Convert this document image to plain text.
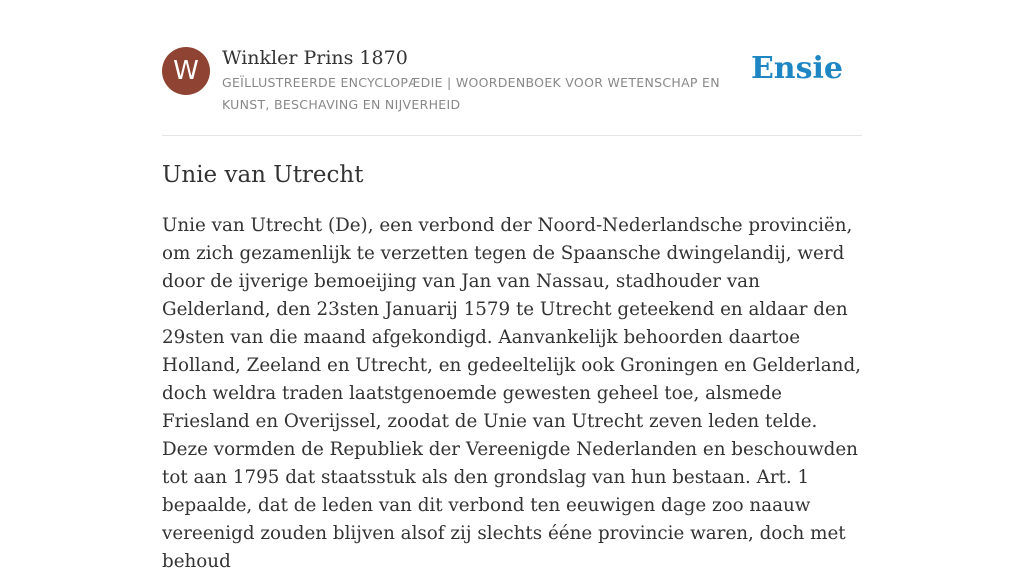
W	Winkler Prins 1870
GEÏLLUSTREERDE ENCYCLOPÆDIE | WOORDENBOEK VOOR WETENSCHAP EN KUNST, BESCHAVING EN NIJVERHEID
Ensie
Unie van Utrecht

Unie van Utrecht (De), een verbond der Noord-Nederlandsche provinciën, om zich gezamenlijk te verzetten tegen de Spaansche dwingelandij, werd door de ijverige bemoeijing van Jan van Nassau, stadhouder van Gelderland, den 23sten Januarij 1579 te Utrecht geteekend en aldaar den 29sten van die maand afgekondigd. Aanvankelijk behoorden daartoe Holland, Zeeland en Utrecht, en gedeeltelijk ook Groningen en Gelderland, doch weldra traden laatstgenoemde gewesten geheel toe, alsmede Friesland en Overijssel, zoodat de Unie van Utrecht zeven leden telde. Deze vormden de Republiek der Vereenigde Nederlanden en beschouwden tot aan 1795 dat staatsstuk als den grondslag van hun bestaan. Art. 1 bepaalde, dat de leden van dit verbond ten eeuwigen dage zoo naauw vereenigd zouden blijven alsof zij slechts ééne provincie waren, doch met behoud
